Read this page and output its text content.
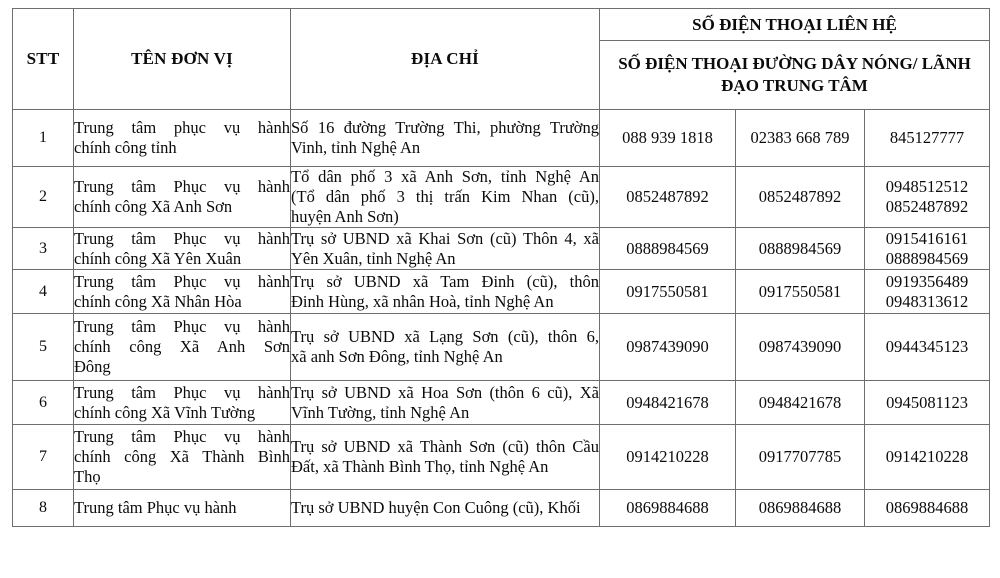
STT	TÊN ĐƠN VỊ	ĐỊA CHỈ	SỐ ĐIỆN THOẠI LIÊN HỆ		
			SỐ ĐIỆN THOẠI ĐƯỜNG DÂY NÓNG/ LÃNH ĐẠO TRUNG TÂM		
1	Trung tâm phục vụ hành
chính công tỉnh	Số 16 đường Trường Thi, phường Trường
Vinh, tỉnh Nghệ An	088 939 1818	02383 668 789	845127777

2	Trung tâm Phục vụ hành
chính công Xã Anh Sơn	Tổ dân phố 3 xã Anh Sơn, tỉnh Nghệ An
(Tổ dân phố 3 thị trấn Kim Nhan (cũ),
huyện Anh Sơn)	0852487892	0852487892	0948512512
0852487892

3	Trung tâm Phục vụ hành
chính công Xã Yên Xuân	Trụ sở UBND xã Khai Sơn (cũ) Thôn 4, xã
Yên Xuân, tỉnh Nghệ An	0888984569	0888984569	0915416161
0888984569

4	Trung tâm Phục vụ hành
chính công Xã Nhân Hòa	Trụ sở UBND xã Tam Đinh (cũ), thôn
Đinh Hùng, xã nhân Hoà, tỉnh Nghệ An	0917550581	0917550581	0919356489
0948313612

5	Trung tâm Phục vụ hành
chính công Xã Anh Sơn
Đông	Trụ sở UBND xã Lạng Sơn (cũ), thôn 6,
xã anh Sơn Đông, tỉnh Nghệ An	0987439090	0987439090	0944345123

6	Trung tâm Phục vụ hành
chính công Xã Vĩnh Tường	Trụ sở UBND xã Hoa Sơn (thôn 6 cũ), Xã
Vĩnh Tường, tỉnh Nghệ An	0948421678	0948421678	0945081123

7	Trung tâm Phục vụ hành
chính công Xã Thành Bình
Thọ	Trụ sở UBND xã Thành Sơn (cũ) thôn Cầu
Đất, xã Thành Bình Thọ, tỉnh Nghệ An	0914210228	0917707785	0914210228

8	Trung tâm Phục vụ hành	Trụ sở UBND huyện Con Cuông (cũ), Khối	0869884688	0869884688	0869884688
